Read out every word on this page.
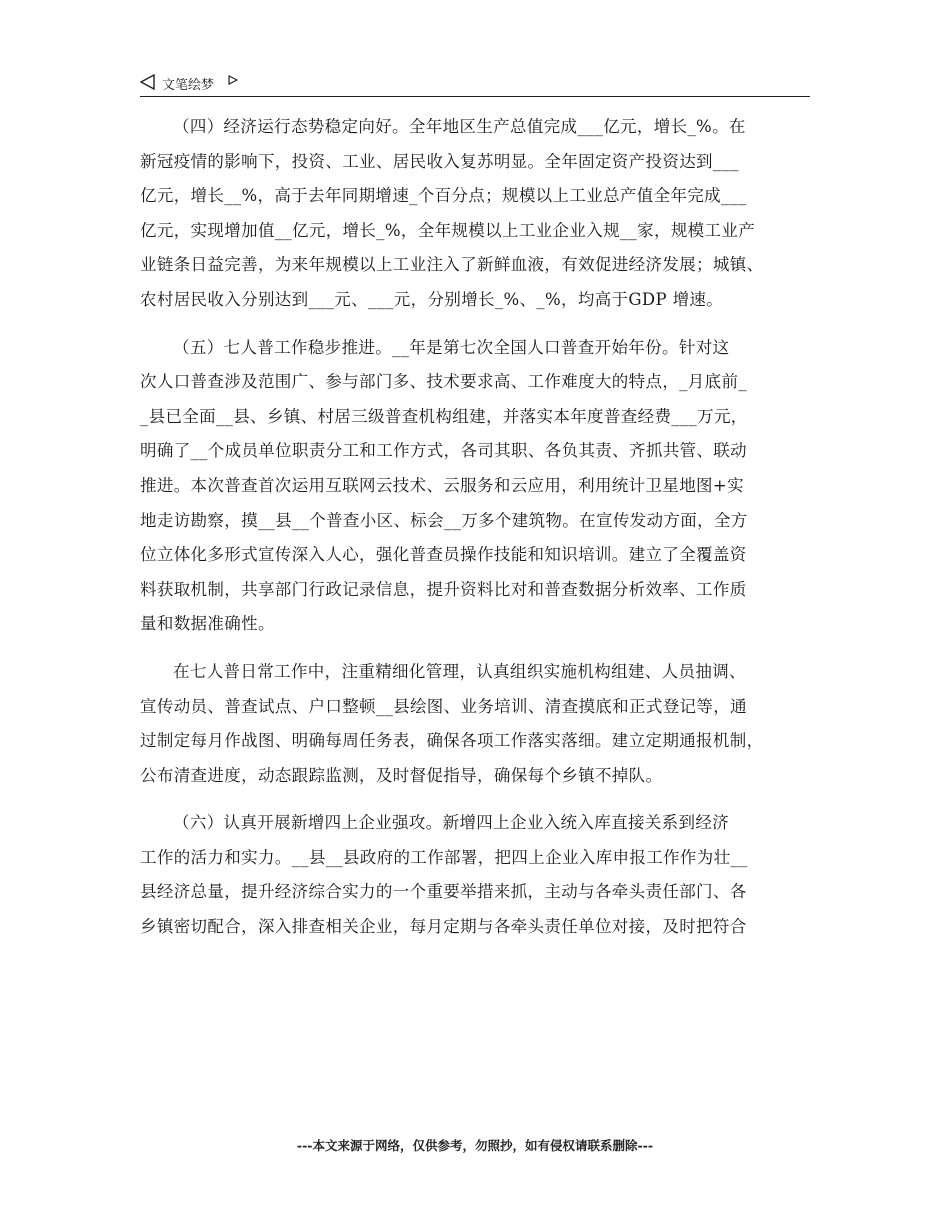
文笔绘梦
（四）经济运行态势稳定向好。全年地区生产总值完成___亿元，增长_%。在
新冠疫情的影响下，投资、工业、居民收入复苏明显。全年固定资产投资达到___
亿元，增长__%，高于去年同期增速_个百分点；规模以上工业总产值全年完成___
亿元，实现增加值__亿元，增长_%，全年规模以上工业企业入规__家，规模工业产
业链条日益完善，为来年规模以上工业注入了新鲜血液，有效促进经济发展；城镇、
农村居民收入分别达到___元、___元，分别增长_%、_%，均高于GDP 增速。
（五）七人普工作稳步推进。__年是第七次全国人口普查开始年份。针对这
次人口普查涉及范围广、参与部门多、技术要求高、工作难度大的特点，_月底前_
_县已全面__县、乡镇、村居三级普查机构组建，并落实本年度普查经费___万元，
明确了__个成员单位职责分工和工作方式，各司其职、各负其责、齐抓共管、联动
推进。本次普查首次运用互联网云技术、云服务和云应用，利用统计卫星地图+实
地走访勘察，摸__县__个普查小区、标会__万多个建筑物。在宣传发动方面，全方
位立体化多形式宣传深入人心，强化普查员操作技能和知识培训。建立了全覆盖资
料获取机制，共享部门行政记录信息，提升资料比对和普查数据分析效率、工作质
量和数据准确性。
在七人普日常工作中，注重精细化管理，认真组织实施机构组建、人员抽调、
宣传动员、普查试点、户口整顿__县绘图、业务培训、清查摸底和正式登记等，通
过制定每月作战图、明确每周任务表，确保各项工作落实落细。建立定期通报机制，
公布清查进度，动态跟踪监测，及时督促指导，确保每个乡镇不掉队。
（六）认真开展新增四上企业强攻。新增四上企业入统入库直接关系到经济
工作的活力和实力。__县__县政府的工作部署，把四上企业入库申报工作作为壮__
县经济总量，提升经济综合实力的一个重要举措来抓，主动与各牵头责任部门、各
乡镇密切配合，深入排查相关企业，每月定期与各牵头责任单位对接，及时把符合
---本文来源于网络，仅供参考，勿照抄，如有侵权请联系删除---
